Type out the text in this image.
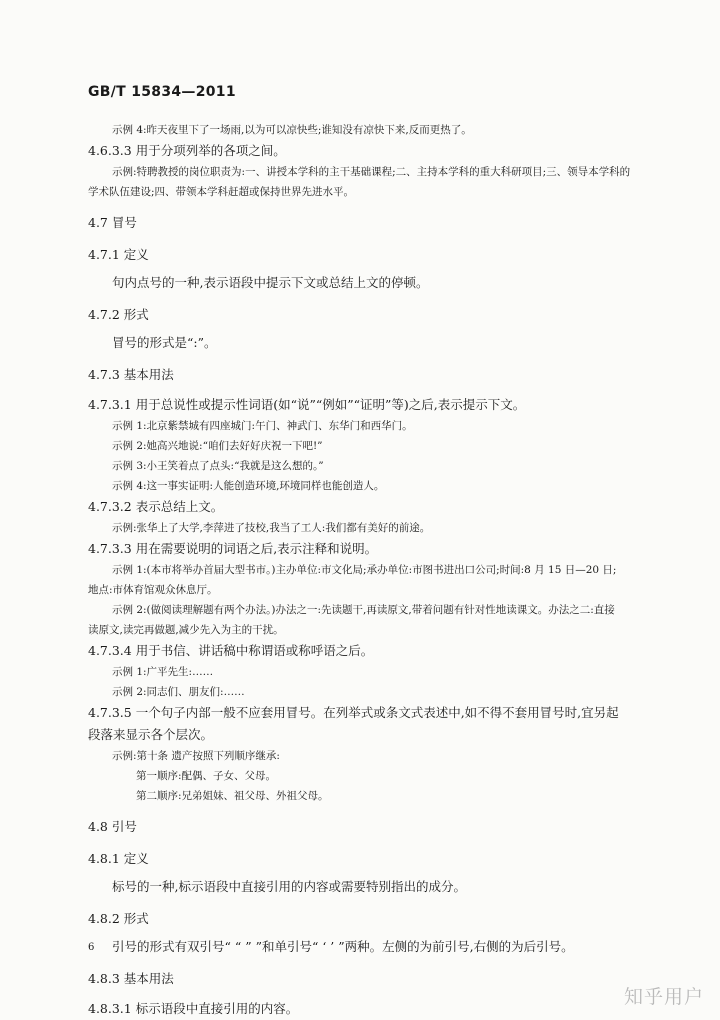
GB/T 15834—2011
示例 4:昨天夜里下了一场雨,以为可以凉快些;谁知没有凉快下来,反而更热了。
4.6.3.3 用于分项列举的各项之间。
示例:特聘教授的岗位职责为:一、讲授本学科的主干基础课程;二、主持本学科的重大科研项目;三、领导本学科的
学术队伍建设;四、带领本学科赶超或保持世界先进水平。
4.7 冒号
4.7.1 定义
句内点号的一种,表示语段中提示下文或总结上文的停顿。
4.7.2 形式
冒号的形式是“:”。
4.7.3 基本用法
4.7.3.1 用于总说性或提示性词语(如“说”“例如”“证明”等)之后,表示提示下文。
示例 1:北京紫禁城有四座城门:午门、神武门、东华门和西华门。
示例 2:她高兴地说:“咱们去好好庆祝一下吧!”
示例 3:小王笑着点了点头:“我就是这么想的。”
示例 4:这一事实证明:人能创造环境,环境同样也能创造人。
4.7.3.2 表示总结上文。
示例:张华上了大学,李萍进了技校,我当了工人:我们都有美好的前途。
4.7.3.3 用在需要说明的词语之后,表示注释和说明。
示例 1:(本市将举办首届大型书市。)主办单位:市文化局;承办单位:市图书进出口公司;时间:8 月 15 日—20 日;
地点:市体育馆观众休息厅。
示例 2:(做阅读理解题有两个办法。)办法之一:先读题干,再读原文,带着问题有针对性地读课文。办法之二:直接
读原文,读完再做题,减少先入为主的干扰。
4.7.3.4 用于书信、讲话稿中称谓语或称呼语之后。
示例 1:广平先生:……
示例 2:同志们、朋友们:……
4.7.3.5 一个句子内部一般不应套用冒号。在列举式或条文式表述中,如不得不套用冒号时,宜另起
段落来显示各个层次。
示例:第十条 遗产按照下列顺序继承:
第一顺序:配偶、子女、父母。
第二顺序:兄弟姐妹、祖父母、外祖父母。
4.8 引号
4.8.1 定义
标号的一种,标示语段中直接引用的内容或需要特别指出的成分。
4.8.2 形式
引号的形式有双引号“ “ ” ”和单引号“ ‘ ’ ”两种。左侧的为前引号,右侧的为后引号。
4.8.3 基本用法
4.8.3.1 标示语段中直接引用的内容。
6
知乎用户
